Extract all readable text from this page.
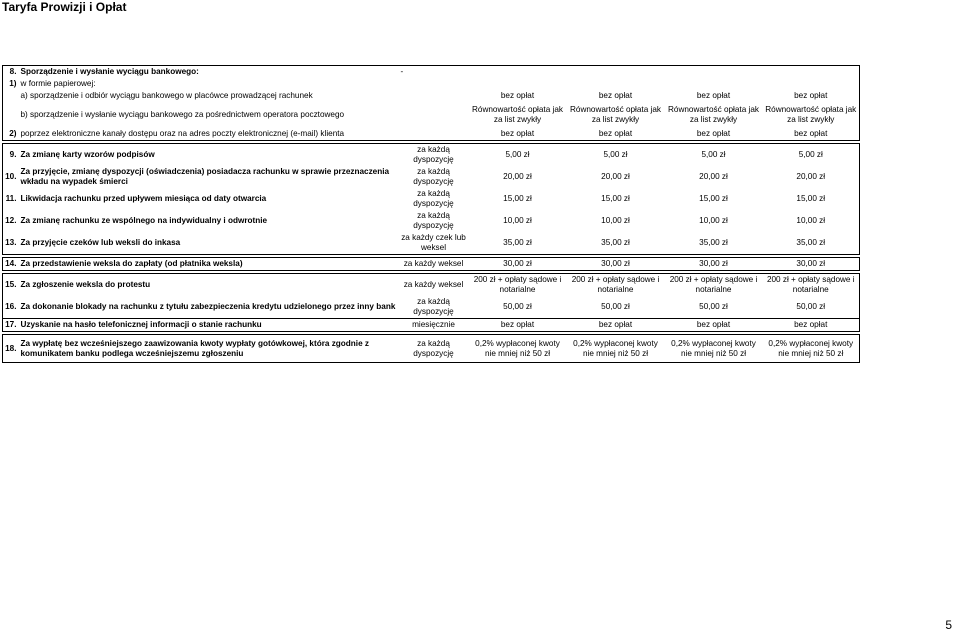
Taryfa Prowizji i Opłat
8.	Sporządzenie i wysłanie wyciągu bankowego:	-				
1)	w formie papierowej:					
	a) sporządzenie i odbiór wyciągu bankowego w placówce prowadzącej rachunek		bez opłat	bez opłat	bez opłat	bez opłat
	b) sporządzenie i wysłanie wyciągu bankowego za pośrednictwem operatora pocztowego		Równowartość opłata jak za list zwykły	Równowartość opłata jak za list zwykły	Równowartość opłata jak za list zwykły	Równowartość opłata jak za list zwykły
2)	poprzez elektroniczne kanały dostępu oraz na adres poczty elektronicznej (e-mail) klienta		bez opłat	bez opłat	bez opłat	bez opłat

9.	Za zmianę karty wzorów podpisów	za każdą dyspozycję	5,00 zł	5,00 zł	5,00 zł	5,00 zł
10.	Za przyjęcie, zmianę dyspozycji (oświadczenia) posiadacza rachunku w sprawie przeznaczenia wkładu na wypadek śmierci	za każdą dyspozycję	20,00 zł	20,00 zł	20,00 zł	20,00 zł
11.	Likwidacja rachunku przed upływem miesiąca od daty otwarcia	za każdą dyspozycję	15,00 zł	15,00 zł	15,00 zł	15,00 zł
12.	Za zmianę rachunku ze wspólnego na indywidualny i odwrotnie	za każdą dyspozycję	10,00 zł	10,00 zł	10,00 zł	10,00 zł
13.	Za przyjęcie czeków lub weksli do inkasa	za każdy czek lub weksel	35,00 zł	35,00 zł	35,00 zł	35,00 zł

14.	Za przedstawienie weksla do zapłaty (od płatnika weksla)	za każdy weksel	30,00 zł	30,00 zł	30,00 zł	30,00 zł

15.	Za zgłoszenie weksla do protestu	za każdy weksel	200 zł + opłaty sądowe i notarialne	200 zł + opłaty sądowe i notarialne	200 zł + opłaty sądowe i notarialne	200 zł + opłaty sądowe i notarialne
16.	Za dokonanie blokady na rachunku z tytułu zabezpieczenia kredytu udzielonego przez inny bank	za każdą dyspozycję	50,00 zł	50,00 zł	50,00 zł	50,00 zł
17.	Uzyskanie na hasło telefonicznej informacji o stanie rachunku	miesięcznie	bez opłat	bez opłat	bez opłat	bez opłat

18.	Za wypłatę bez wcześniejszego zaawizowania kwoty wypłaty gotówkowej, która zgodnie z komunikatem banku podlega wcześniejszemu zgłoszeniu	za każdą dyspozycję	0,2% wypłaconej kwoty nie mniej niż 50 zł	0,2% wypłaconej kwoty nie mniej niż 50 zł	0,2% wypłaconej kwoty nie mniej niż 50 zł	0,2% wypłaconej kwoty nie mniej niż 50 zł
5
